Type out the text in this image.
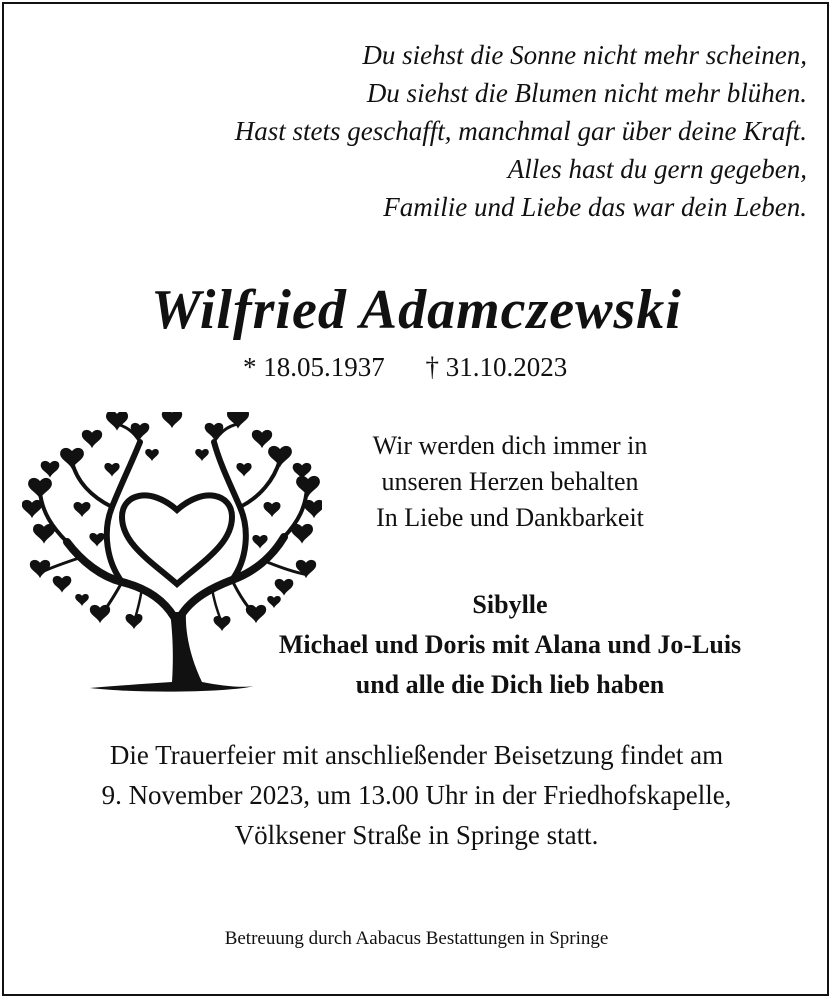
Du siehst die Sonne nicht mehr scheinen,
Du siehst die Blumen nicht mehr blühen.
Hast stets geschafft, manchmal gar über deine Kraft.
Alles hast du gern gegeben,
Familie und Liebe das war dein Leben.
Wilfried Adamczewski
* 18.05.1937 † 31.10.2023
Wir werden dich immer in
unseren Herzen behalten
In Liebe und Dankbarkeit
Sibylle
Michael und Doris mit Alana und Jo-Luis
und alle die Dich lieb haben
Die Trauerfeier mit anschließender Beisetzung findet am
9. November 2023, um 13.00 Uhr in der Friedhofskapelle,
Völksener Straße in Springe statt.
Betreuung durch Aabacus Bestattungen in Springe
